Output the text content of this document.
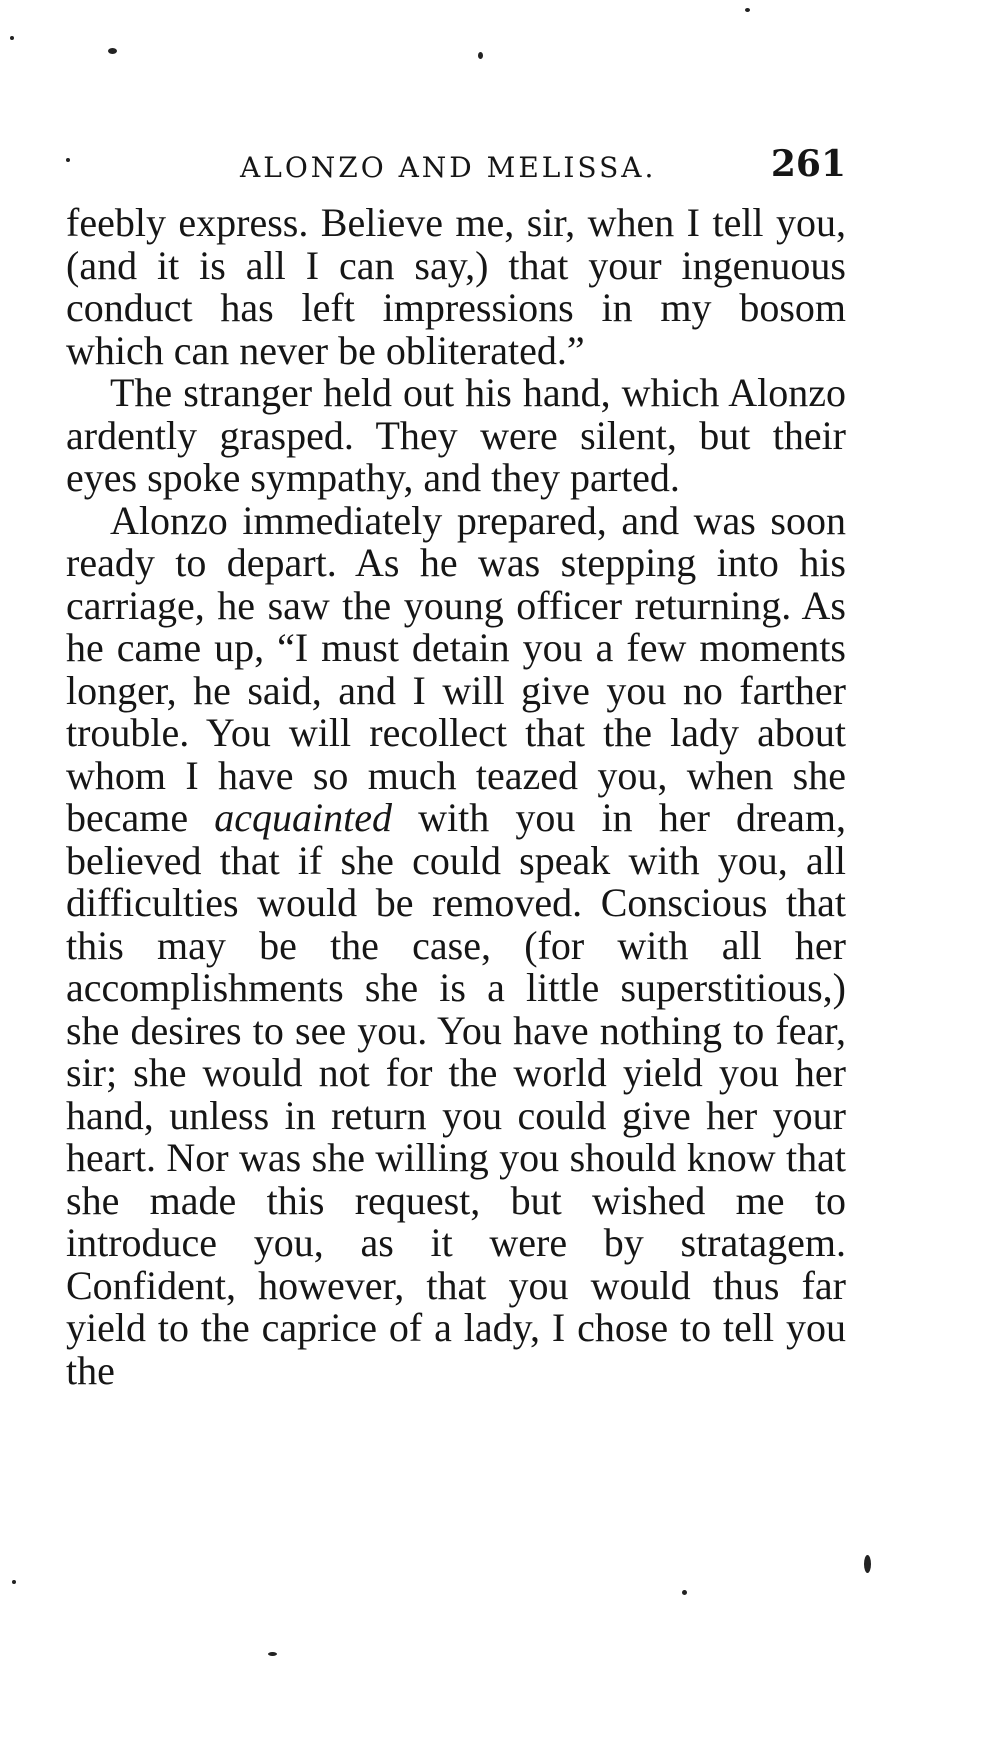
ALONZO AND MELISSA.	261

feebly express. Believe me, sir, when I tell you, (and it is all I can say,) that your ingenuous conduct has left impressions in my bosom which can never be obliterated.”

The stranger held out his hand, which Alonzo ardently grasped. They were silent, but their eyes spoke sympathy, and they parted.

Alonzo immediately prepared, and was soon ready to depart. As he was stepping into his carriage, he saw the young officer returning. As he came up, “I must detain you a few moments longer, he said, and I will give you no farther trouble. You will recollect that the lady about whom I have so much teazed you, when she became acquainted with you in her dream, believed that if she could speak with you, all difficulties would be removed. Conscious that this may be the case, (for with all her accomplishments she is a little superstitious,) she desires to see you. You have nothing to fear, sir; she would not for the world yield you her hand, unless in return you could give her your heart. Nor was she willing you should know that she made this request, but wished me to introduce you, as it were by stratagem. Confident, however, that you would thus far yield to the caprice of a lady, I chose to tell you the
